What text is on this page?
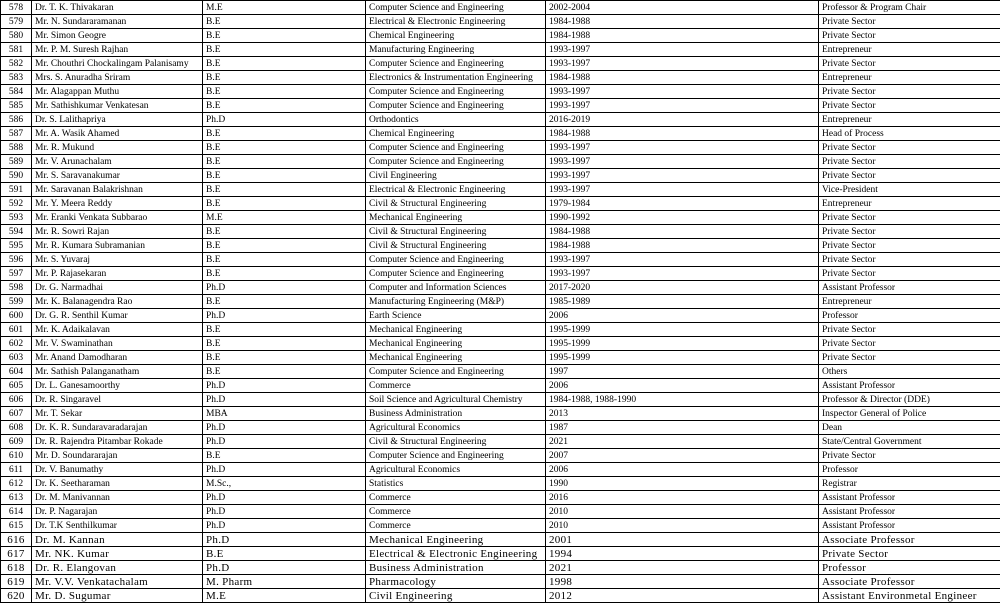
578	Dr. T. K. Thivakaran	M.E	Computer Science and Engineering	2002-2004	Professor & Program Chair
579	Mr. N. Sundararamanan	B.E	Electrical & Electronic Engineering	1984-1988	Private Sector
580	Mr. Simon Geogre	B.E	Chemical Engineering	1984-1988	Private Sector
581	Mr. P. M. Suresh Rajhan	B.E	Manufacturing Engineering	1993-1997	Entrepreneur
582	Mr. Chouthri Chockalingam Palanisamy	B.E	Computer Science and Engineering	1993-1997	Private Sector
583	Mrs. S. Anuradha Sriram	B.E	Electronics & Instrumentation Engineering	1984-1988	Entrepreneur
584	Mr. Alagappan Muthu	B.E	Computer Science and Engineering	1993-1997	Private Sector
585	Mr. Sathishkumar Venkatesan	B.E	Computer Science and Engineering	1993-1997	Private Sector
586	Dr. S. Lalithapriya	Ph.D	Orthodontics	2016-2019	Entrepreneur
587	Mr. A. Wasik Ahamed	B.E	Chemical Engineering	1984-1988	Head of Process
588	Mr. R. Mukund	B.E	Computer Science and Engineering	1993-1997	Private Sector
589	Mr. V. Arunachalam	B.E	Computer Science and Engineering	1993-1997	Private Sector
590	Mr. S. Saravanakumar	B.E	Civil Engineering	1993-1997	Private Sector
591	Mr. Saravanan Balakrishnan	B.E	Electrical & Electronic Engineering	1993-1997	Vice-President
592	Mr. Y. Meera Reddy	B.E	Civil & Structural Engineering	1979-1984	Entrepreneur
593	Mr. Eranki Venkata Subbarao	M.E	Mechanical Engineering	1990-1992	Private Sector
594	Mr. R. Sowri Rajan	B.E	Civil & Structural Engineering	1984-1988	Private Sector
595	Mr. R. Kumara Subramanian	B.E	Civil & Structural Engineering	1984-1988	Private Sector
596	Mr. S. Yuvaraj	B.E	Computer Science and Engineering	1993-1997	Private Sector
597	Mr. P. Rajasekaran	B.E	Computer Science and Engineering	1993-1997	Private Sector
598	Dr. G. Narmadhai	Ph.D	Computer and Information Sciences	2017-2020	Assistant Professor
599	Mr. K. Balanagendra Rao	B.E	Manufacturing Engineering (M&P)	1985-1989	Entrepreneur
600	Dr. G. R. Senthil Kumar	Ph.D	Earth Science	2006	Professor
601	Mr. K. Adaikalavan	B.E	Mechanical Engineering	1995-1999	Private Sector
602	Mr. V. Swaminathan	B.E	Mechanical Engineering	1995-1999	Private Sector
603	Mr. Anand Damodharan	B.E	Mechanical Engineering	1995-1999	Private Sector
604	Mr. Sathish Palanganatham	B.E	Computer Science and Engineering	1997	Others
605	Dr. L. Ganesamoorthy	Ph.D	Commerce	2006	Assistant Professor
606	Dr. R. Singaravel	Ph.D	Soil Science and Agricultural Chemistry	1984-1988, 1988-1990	Professor & Director (DDE)
607	Mr. T. Sekar	MBA	Business Administration	2013	Inspector General of Police
608	Dr. K. R. Sundaravaradarajan	Ph.D	Agricultural Economics	1987	Dean
609	Dr. R. Rajendra Pitambar Rokade	Ph.D	Civil & Structural Engineering	2021	State/Central Government
610	Mr. D. Soundararajan	B.E	Computer Science and Engineering	2007	Private Sector
611	Dr. V. Banumathy	Ph.D	Agricultural Economics	2006	Professor
612	Dr. K. Seetharaman	M.Sc.,	Statistics	1990	Registrar
613	Dr. M. Manivannan	Ph.D	Commerce	2016	Assistant Professor
614	Dr. P. Nagarajan	Ph.D	Commerce	2010	Assistant Professor
615	Dr. T.K Senthilkumar	Ph.D	Commerce	2010	Assistant Professor
616	Dr. M. Kannan	Ph.D	Mechanical Engineering	2001	Associate Professor
617	Mr. NK. Kumar	B.E	Electrical & Electronic Engineering	1994	Private Sector
618	Dr. R. Elangovan	Ph.D	Business Administration	2021	Professor
619	Mr. V.V. Venkatachalam	M. Pharm	Pharmacology	1998	Associate Professor
620	Mr. D. Sugumar	M.E	Civil Engineering	2012	Assistant Environmetal Engineer
